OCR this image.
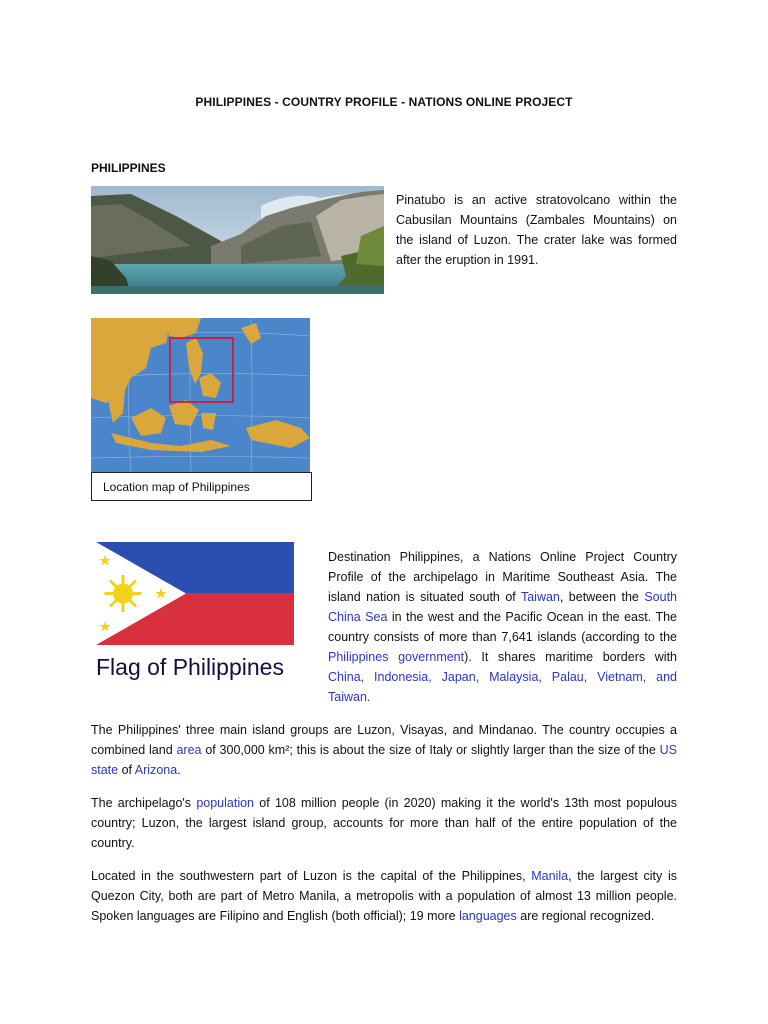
PHILIPPINES - COUNTRY PROFILE - NATIONS ONLINE PROJECT
PHILIPPINES
Pinatubo is an active stratovolcano within the Cabusilan Mountains (Zambales Mountains) on the island of Luzon. The crater lake was formed after the eruption in 1991.
Location map of Philippines
Flag of Philippines
Destination Philippines, a Nations Online Project Country Profile of the archipelago in Maritime Southeast Asia. The island nation is situated south of Taiwan, between the South China Sea in the west and the Pacific Ocean in the east. The country consists of more than 7,641 islands (according to the Philippines government). It shares maritime borders with China, Indonesia, Japan, Malaysia, Palau, Vietnam, and Taiwan.
The Philippines' three main island groups are Luzon, Visayas, and Mindanao. The country occupies a combined land area of 300,000 km²; this is about the size of Italy or slightly larger than the size of the US state of Arizona.
The archipelago's population of 108 million people (in 2020) making it the world's 13th most populous country; Luzon, the largest island group, accounts for more than half of the entire population of the country.
Located in the southwestern part of Luzon is the capital of the Philippines, Manila, the largest city is Quezon City, both are part of Metro Manila, a metropolis with a population of almost 13 million people. Spoken languages are Filipino and English (both official); 19 more languages are regional recognized.
